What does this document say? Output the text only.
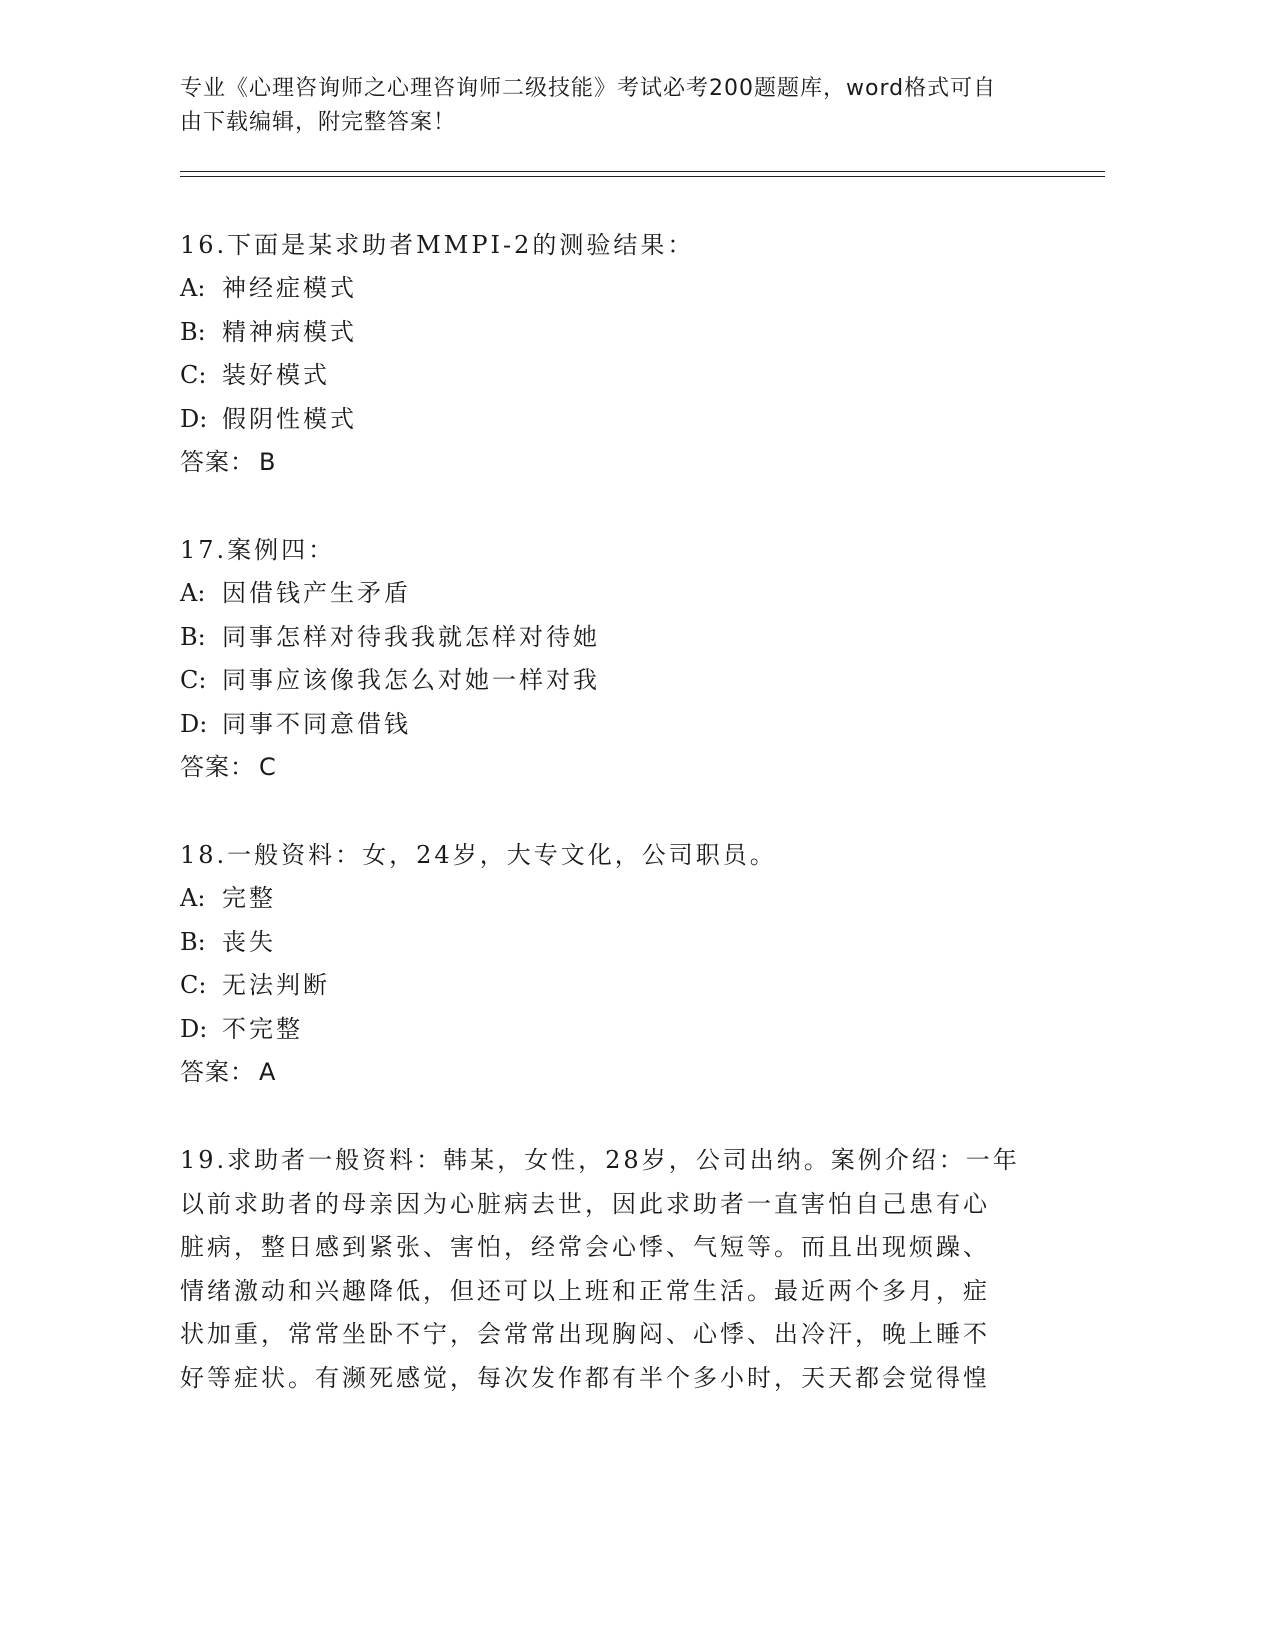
专业《心理咨询师之心理咨询师二级技能》考试必考200题题库，word格式可自
由下载编辑，附完整答案！
16.下面是某求助者MMPI-2的测验结果：
A: 神经症模式
B: 精神病模式
C: 装好模式
D: 假阴性模式
答案： B
17.案例四：
A: 因借钱产生矛盾
B: 同事怎样对待我我就怎样对待她
C: 同事应该像我怎么对她一样对我
D: 同事不同意借钱
答案： C
18.一般资料：女，24岁，大专文化，公司职员。
A: 完整
B: 丧失
C: 无法判断
D: 不完整
答案： A
19.求助者一般资料：韩某，女性，28岁，公司出纳。案例介绍：一年
以前求助者的母亲因为心脏病去世，因此求助者一直害怕自己患有心
脏病，整日感到紧张、害怕，经常会心悸、气短等。而且出现烦躁、
情绪激动和兴趣降低，但还可以上班和正常生活。最近两个多月，症
状加重，常常坐卧不宁，会常常出现胸闷、心悸、出冷汗，晚上睡不
好等症状。有濒死感觉，每次发作都有半个多小时，天天都会觉得惶
